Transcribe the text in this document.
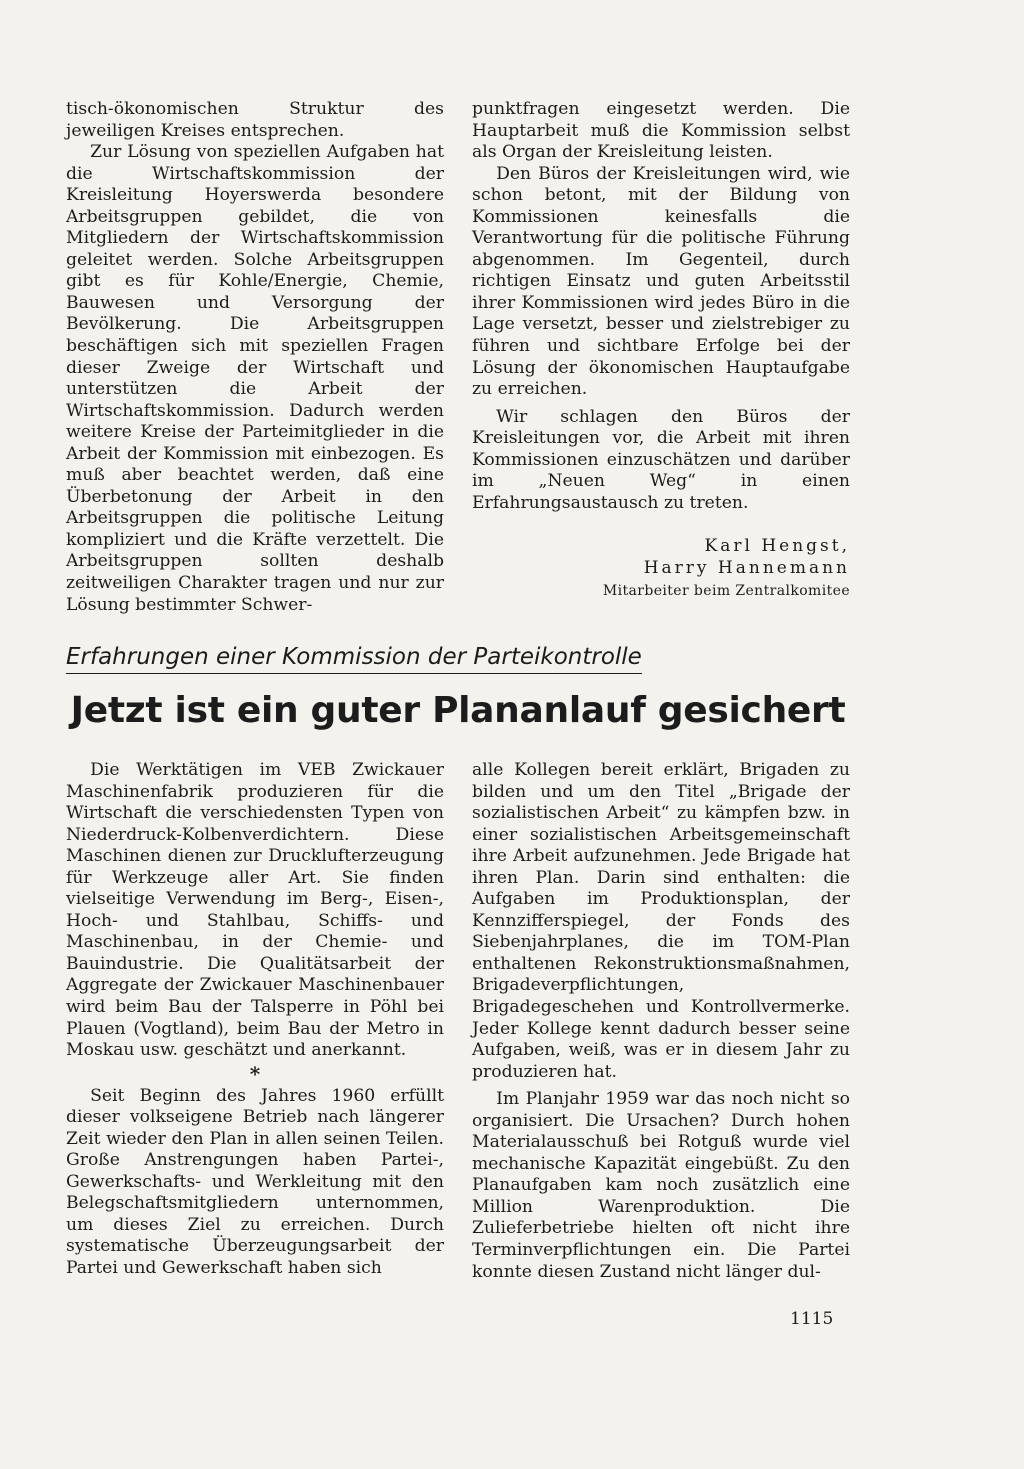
tisch-ökonomischen Struktur des jeweiligen Kreises entsprechen.

Zur Lösung von speziellen Aufgaben hat die Wirtschaftskommission der Kreisleitung Hoyerswerda besondere Arbeitsgruppen gebildet, die von Mitgliedern der Wirtschaftskommission geleitet werden. Solche Arbeitsgruppen gibt es für Kohle/Energie, Chemie, Bauwesen und Versorgung der Bevölkerung. Die Arbeitsgruppen beschäftigen sich mit speziellen Fragen dieser Zweige der Wirtschaft und unterstützen die Arbeit der Wirtschaftskommission. Dadurch werden weitere Kreise der Parteimitglieder in die Arbeit der Kommission mit einbezogen. Es muß aber beachtet werden, daß eine Überbetonung der Arbeit in den Arbeitsgruppen die politische Leitung kompliziert und die Kräfte verzettelt. Die Arbeitsgruppen sollten deshalb zeitweiligen Charakter tragen und nur zur Lösung bestimmter Schwer-

punktfragen eingesetzt werden. Die Hauptarbeit muß die Kommission selbst als Organ der Kreisleitung leisten.

Den Büros der Kreisleitungen wird, wie schon betont, mit der Bildung von Kommissionen keinesfalls die Verantwortung für die politische Führung abgenommen. Im Gegenteil, durch richtigen Einsatz und guten Arbeitsstil ihrer Kommissionen wird jedes Büro in die Lage versetzt, besser und zielstrebiger zu führen und sichtbare Erfolge bei der Lösung der ökonomischen Hauptaufgabe zu erreichen.

Wir schlagen den Büros der Kreisleitungen vor, die Arbeit mit ihren Kommissionen einzuschätzen und darüber im „Neuen Weg“ in einen Erfahrungsaustausch zu treten.

Karl Hengst,

Harry Hannemann

Mitarbeiter beim Zentralkomitee

Erfahrungen einer Kommission der Parteikontrolle
Jetzt ist ein guter Plananlauf gesichert

Die Werktätigen im VEB Zwickauer Maschinenfabrik produzieren für die Wirtschaft die verschiedensten Typen von Niederdruck-Kolbenverdichtern. Diese Maschinen dienen zur Drucklufterzeugung für Werkzeuge aller Art. Sie finden vielseitige Verwendung im Berg-, Eisen-, Hoch- und Stahlbau, Schiffs- und Maschinenbau, in der Chemie- und Bauindustrie. Die Qualitätsarbeit der Aggregate der Zwickauer Maschinenbauer wird beim Bau der Talsperre in Pöhl bei Plauen (Vogtland), beim Bau der Metro in Moskau usw. geschätzt und anerkannt.

*

Seit Beginn des Jahres 1960 erfüllt dieser volkseigene Betrieb nach längerer Zeit wieder den Plan in allen seinen Teilen. Große Anstrengungen haben Partei-, Gewerkschafts- und Werkleitung mit den Belegschaftsmitgliedern unternommen, um dieses Ziel zu erreichen. Durch systematische Überzeugungsarbeit der Partei und Gewerkschaft haben sich

alle Kollegen bereit erklärt, Brigaden zu bilden und um den Titel „Brigade der sozialistischen Arbeit“ zu kämpfen bzw. in einer sozialistischen Arbeitsgemeinschaft ihre Arbeit aufzunehmen. Jede Brigade hat ihren Plan. Darin sind enthalten: die Aufgaben im Produktionsplan, der Kennzifferspiegel, der Fonds des Siebenjahrplanes, die im TOM-Plan enthaltenen Rekonstruktionsmaßnahmen, Brigadeverpflichtungen, Brigadegeschehen und Kontrollvermerke. Jeder Kollege kennt dadurch besser seine Aufgaben, weiß, was er in diesem Jahr zu produzieren hat.

Im Planjahr 1959 war das noch nicht so organisiert. Die Ursachen? Durch hohen Materialausschuß bei Rotguß wurde viel mechanische Kapazität eingebüßt. Zu den Planaufgaben kam noch zusätzlich eine Million Warenproduktion. Die Zulieferbetriebe hielten oft nicht ihre Terminverpflichtungen ein. Die Partei konnte diesen Zustand nicht länger dul-

1115
